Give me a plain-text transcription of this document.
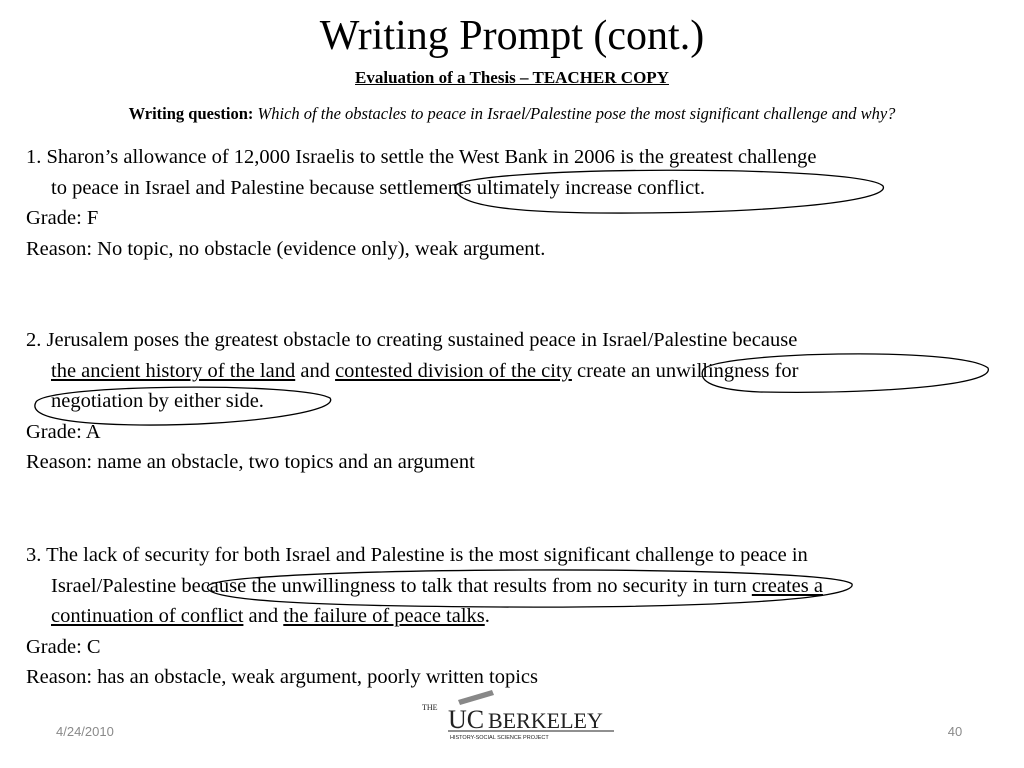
Writing Prompt (cont.)
Evaluation of a Thesis – TEACHER COPY
Writing question: Which of the obstacles to peace in Israel/Palestine pose the most significant challenge and why?
1. Sharon’s allowance of 12,000 Israelis to settle the West Bank in 2006 is the greatest challenge
to peace in Israel and Palestine because settlements ultimately increase conflict.
Grade: F
Reason: No topic, no obstacle (evidence only), weak argument.
2. Jerusalem poses the greatest obstacle to creating sustained peace in Israel/Palestine because
the ancient history of the land and contested division of the city create an unwillingness for
negotiation by either side.
Grade: A
Reason: name an obstacle, two topics and an argument
3. The lack of security for both Israel and Palestine is the most significant challenge to peace in
Israel/Palestine because the unwillingness to talk that results from no security in turn creates a
continuation of conflict and the failure of peace talks.
Grade: C
Reason: has an obstacle, weak argument, poorly written topics
4/24/2010
THE UC BERKELEY
HISTORY-SOCIAL SCIENCE PROJECT	40
